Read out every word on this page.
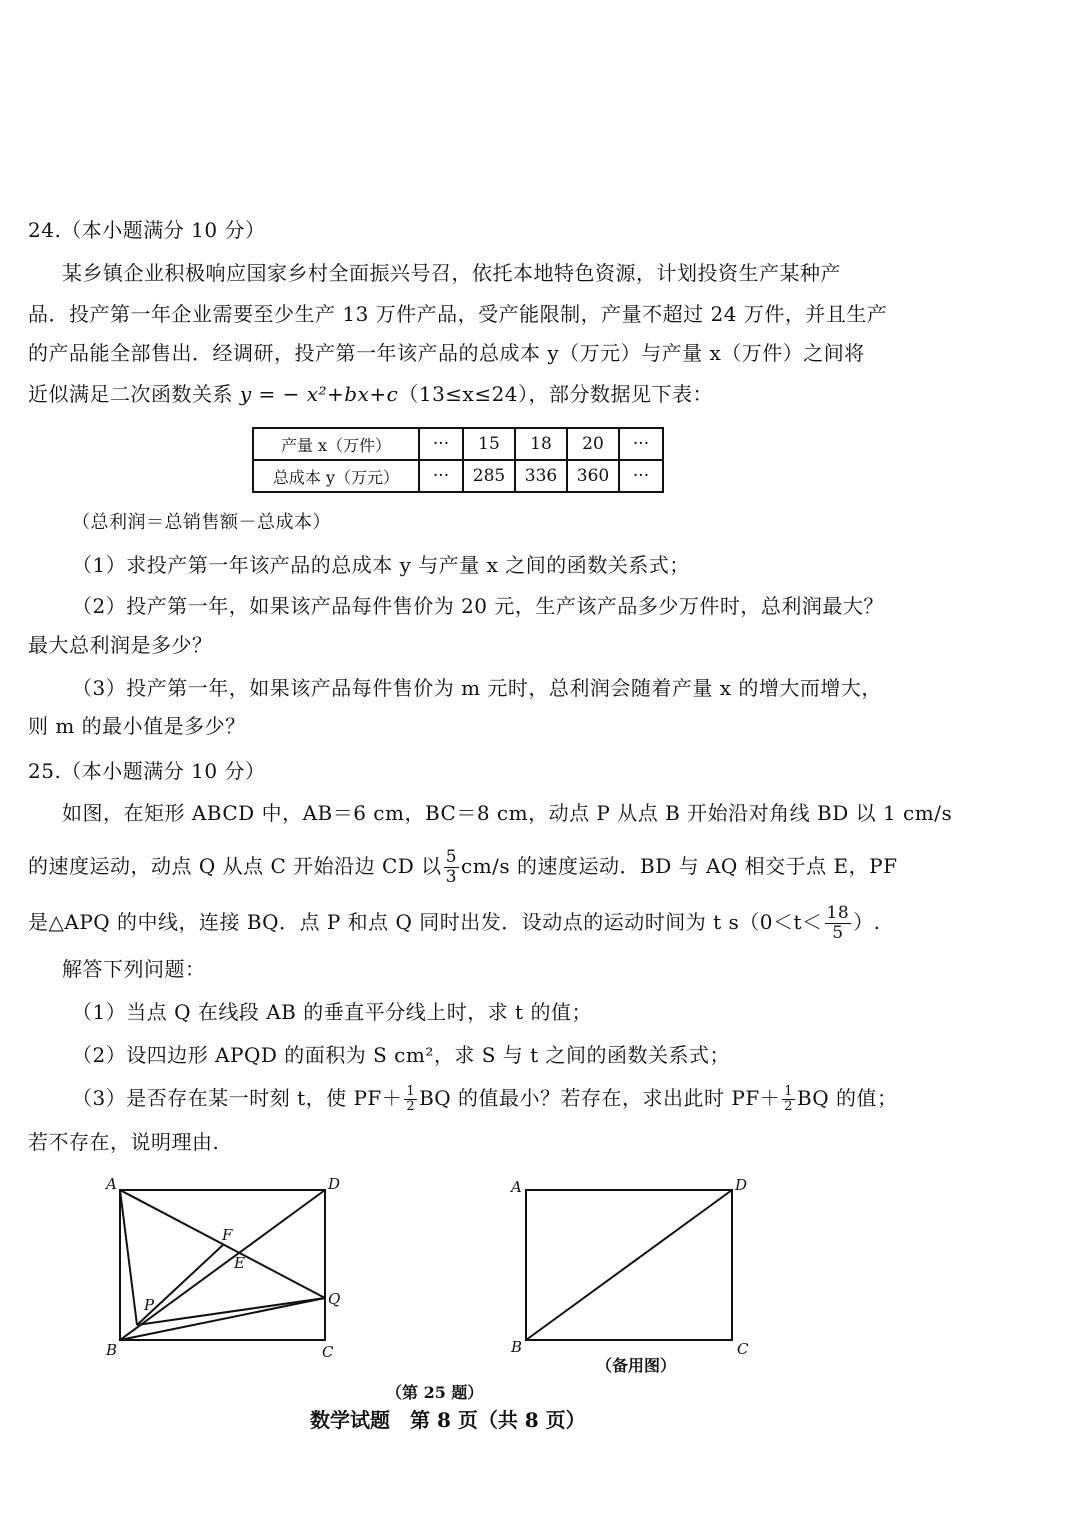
24.（本小题满分 10 分）
某乡镇企业积极响应国家乡村全面振兴号召，依托本地特色资源，计划投资生产某种产
品．投产第一年企业需要至少生产 13 万件产品，受产能限制，产量不超过 24 万件，并且生产
的产品能全部售出．经调研，投产第一年该产品的总成本 y（万元）与产量 x（万件）之间将
近似满足二次函数关系 y = − x²+bx+c（13≤x≤24），部分数据见下表：
产量 x（万件）	···	15	18	20	···
总成本 y（万元）	···	285	336	360	···
（总利润＝总销售额－总成本）
（1）求投产第一年该产品的总成本 y 与产量 x 之间的函数关系式；
（2）投产第一年，如果该产品每件售价为 20 元，生产该产品多少万件时，总利润最大？
最大总利润是多少？
（3）投产第一年，如果该产品每件售价为 m 元时，总利润会随着产量 x 的增大而增大，
则 m 的最小值是多少？
25.（本小题满分 10 分）
如图，在矩形 ABCD 中，AB＝6 cm，BC＝8 cm，动点 P 从点 B 开始沿对角线 BD 以 1 cm/s
的速度运动，动点 Q 从点 C 开始沿边 CD 以 $\frac{5}{3} cm/s$ 的速度运动．BD 与 AQ 相交于点 E，PF
是△APQ 的中线，连接 BQ．点 P 和点 Q 同时出发．设动点的运动时间为 t $s(0<t< \frac{18}{5}$ ）.
解答下列问题：
（1）当点 Q 在线段 AB 的垂直平分线上时，求 t 的值；
（2）设四边形 APQD 的面积为 S cm²，求 S 与 t 之间的函数关系式；
（3）是否存在某一时刻 t，使 $PF+ \frac{1}{2}$ BQ 的值最小？若存在，求出此时 $PF+ \frac{1}{2}$ BQ 的值；
若不存在，说明理由.
A	D
B	C
E
F
P	Q
A	D
B	C
（备用图）
（第 25 题）
数学试题　第 8 页（共 8 页）
